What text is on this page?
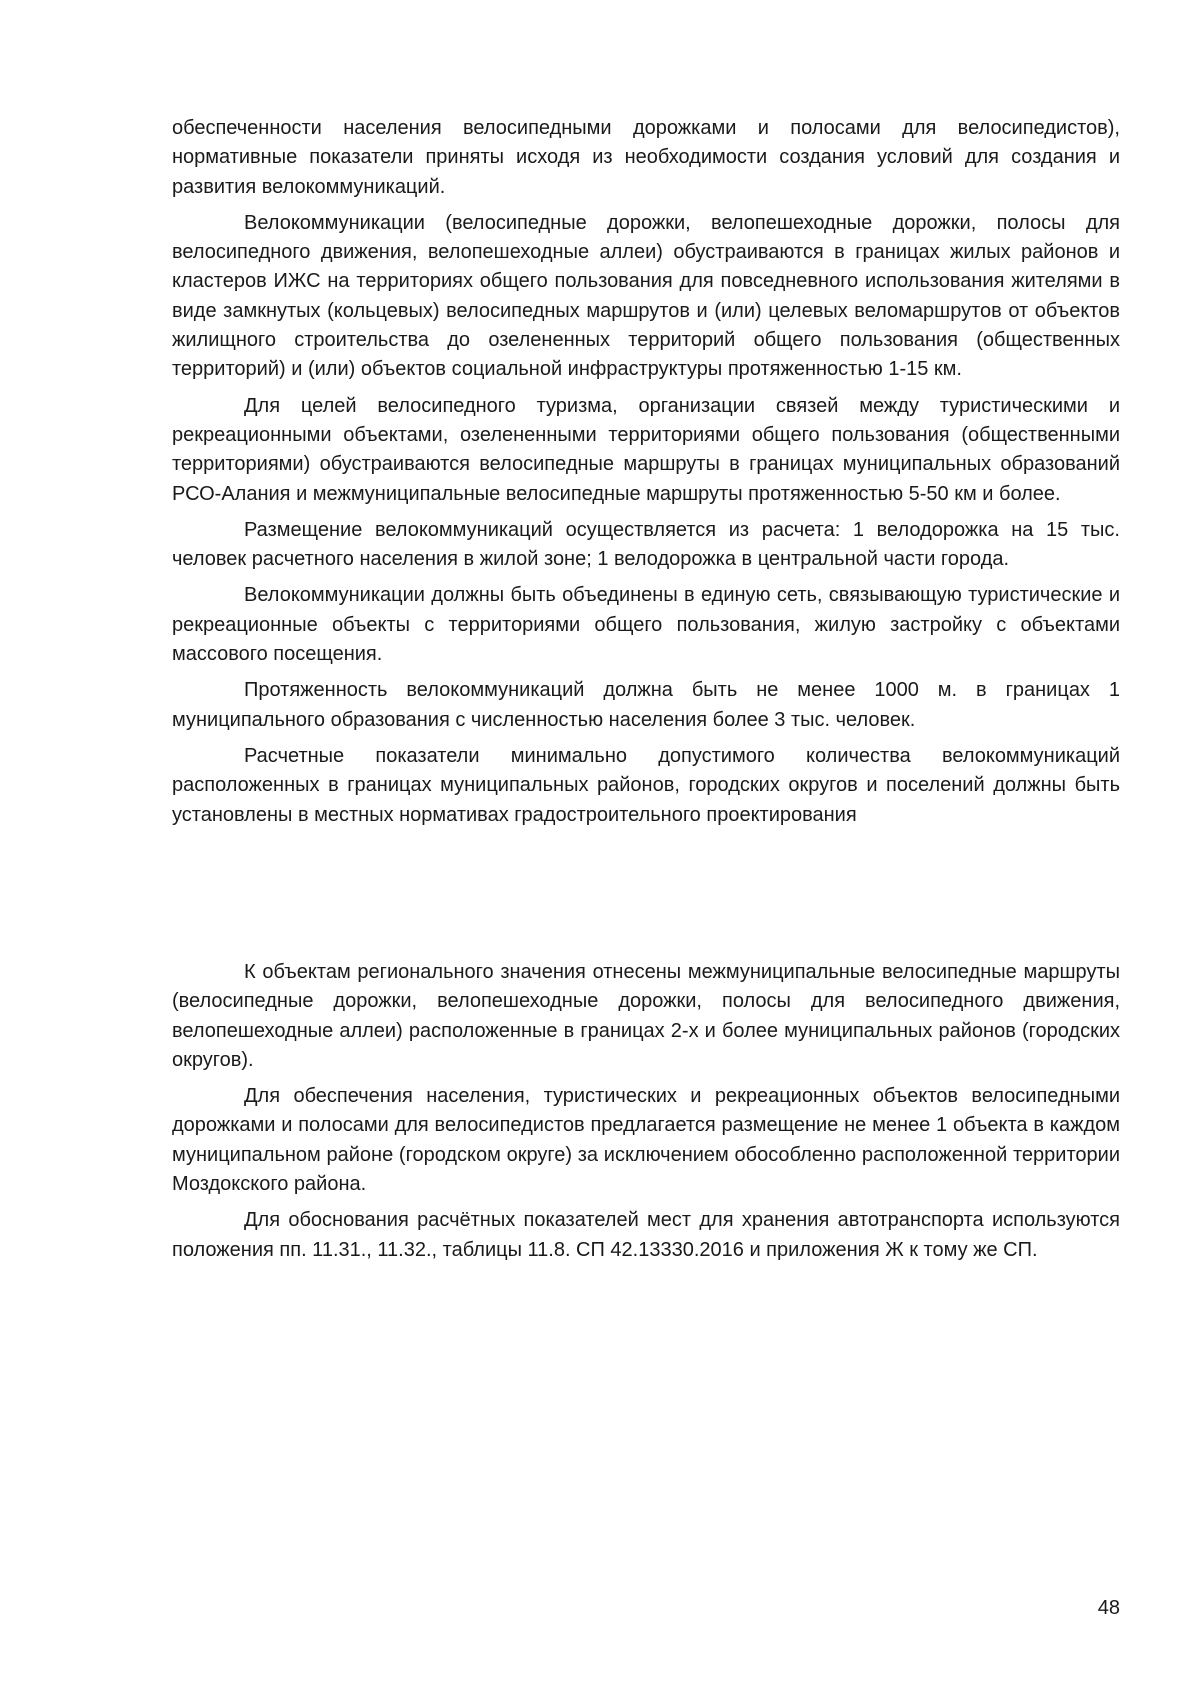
обеспеченности населения велосипедными дорожками и полосами для велосипедистов), нормативные показатели приняты исходя из необходимости создания условий для создания и развития велокоммуникаций.

Велокоммуникации (велосипедные дорожки, велопешеходные дорожки, полосы для велосипедного движения, велопешеходные аллеи) обустраиваются в границах жилых районов и кластеров ИЖС на территориях общего пользования для повседневного использования жителями в виде замкнутых (кольцевых) велосипедных маршрутов и (или) целевых веломаршрутов от объектов жилищного строительства до озелененных территорий общего пользования (общественных территорий) и (или) объектов социальной инфраструктуры протяженностью 1-15 км.

Для целей велосипедного туризма, организации связей между туристическими и рекреационными объектами, озелененными территориями общего пользования (общественными территориями) обустраиваются велосипедные маршруты в границах муниципальных образований РСО-Алания и межмуниципальные велосипедные маршруты протяженностью 5-50 км и более.

Размещение велокоммуникаций осуществляется из расчета: 1 велодорожка на 15 тыс. человек расчетного населения в жилой зоне; 1 велодорожка в центральной части города.

Велокоммуникации должны быть объединены в единую сеть, связывающую туристические и рекреационные объекты с территориями общего пользования, жилую застройку с объектами массового посещения.

Протяженность велокоммуникаций должна быть не менее 1000 м. в границах 1 муниципального образования с численностью населения более 3 тыс. человек.

Расчетные показатели минимально допустимого количества велокоммуникаций расположенных в границах муниципальных районов, городских округов и поселений должны быть установлены в местных нормативах градостроительного проектирования

К объектам регионального значения отнесены межмуниципальные велосипедные маршруты (велосипедные дорожки, велопешеходные дорожки, полосы для велосипедного движения, велопешеходные аллеи) расположенные в границах 2-х и более муниципальных районов (городских округов).

Для обеспечения населения, туристических и рекреационных объектов велосипедными дорожками и полосами для велосипедистов предлагается размещение не менее 1 объекта в каждом муниципальном районе (городском округе) за исключением обособленно расположенной территории Моздокского района.

Для обоснования расчётных показателей мест для хранения автотранспорта используются положения пп. 11.31., 11.32., таблицы 11.8. СП 42.13330.2016 и приложения Ж к тому же СП.

48
